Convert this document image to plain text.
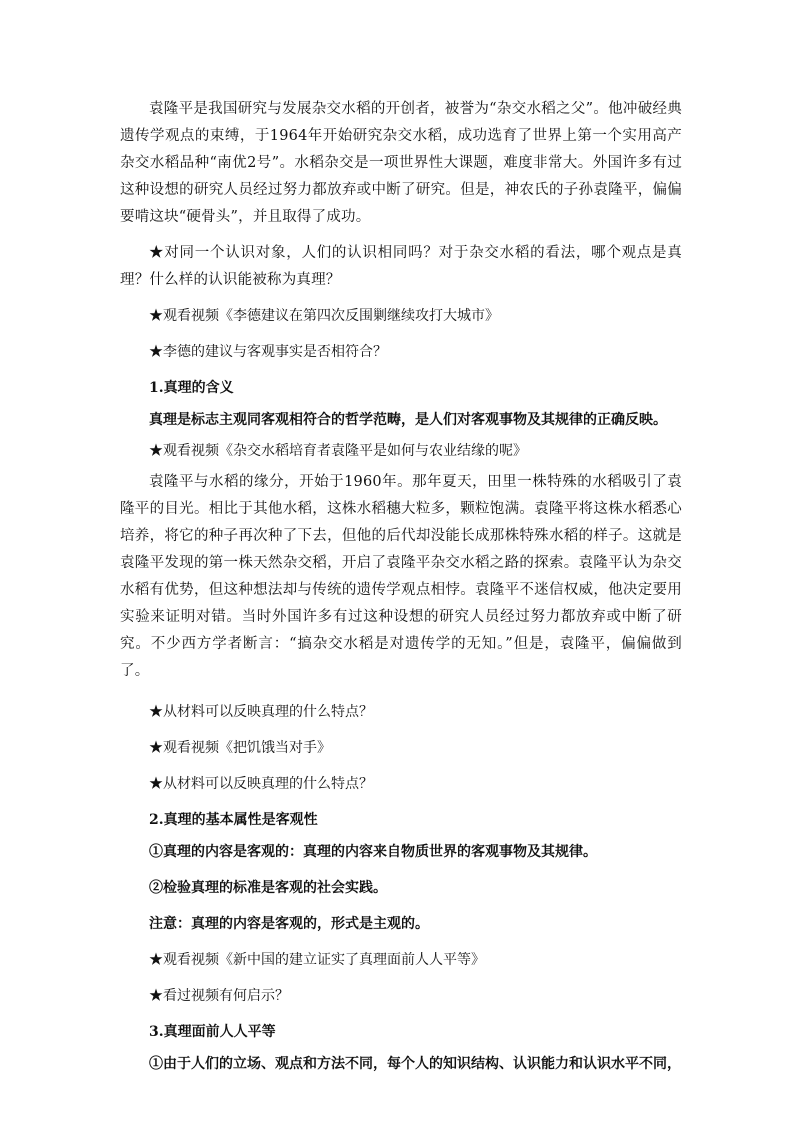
袁隆平是我国研究与发展杂交水稻的开创者，被誉为“杂交水稻之父”。他冲破经典遗传学观点的束缚，于1964年开始研究杂交水稻，成功选育了世界上第一个实用高产杂交水稻品种“南优2号”。水稻杂交是一项世界性大课题，难度非常大。外国许多有过这种设想的研究人员经过努力都放弃或中断了研究。但是，神农氏的子孙袁隆平，偏偏要啃这块“硬骨头”，并且取得了成功。

★对同一个认识对象，人们的认识相同吗？对于杂交水稻的看法，哪个观点是真理？什么样的认识能被称为真理？

★观看视频《李德建议在第四次反围剿继续攻打大城市》

★李德的建议与客观事实是否相符合？

1.真理的含义

真理是标志主观同客观相符合的哲学范畴，是人们对客观事物及其规律的正确反映。

★观看视频《杂交水稻培育者袁隆平是如何与农业结缘的呢》

袁隆平与水稻的缘分，开始于1960年。那年夏天，田里一株特殊的水稻吸引了袁隆平的目光。相比于其他水稻，这株水稻穗大粒多，颗粒饱满。袁隆平将这株水稻悉心培养，将它的种子再次种了下去，但他的后代却没能长成那株特殊水稻的样子。这就是袁隆平发现的第一株天然杂交稻，开启了袁隆平杂交水稻之路的探索。袁隆平认为杂交水稻有优势，但这种想法却与传统的遗传学观点相悖。袁隆平不迷信权威，他决定要用实验来证明对错。当时外国许多有过这种设想的研究人员经过努力都放弃或中断了研究。不少西方学者断言：“搞杂交水稻是对遗传学的无知。”但是，袁隆平，偏偏做到了。

★从材料可以反映真理的什么特点？

★观看视频《把饥饿当对手》

★从材料可以反映真理的什么特点？

2.真理的基本属性是客观性

①真理的内容是客观的：真理的内容来自物质世界的客观事物及其规律。

②检验真理的标准是客观的社会实践。

注意：真理的内容是客观的，形式是主观的。

★观看视频《新中国的建立证实了真理面前人人平等》

★看过视频有何启示？

3.真理面前人人平等

①由于人们的立场、观点和方法不同，每个人的知识结构、认识能力和认识水平不同，
